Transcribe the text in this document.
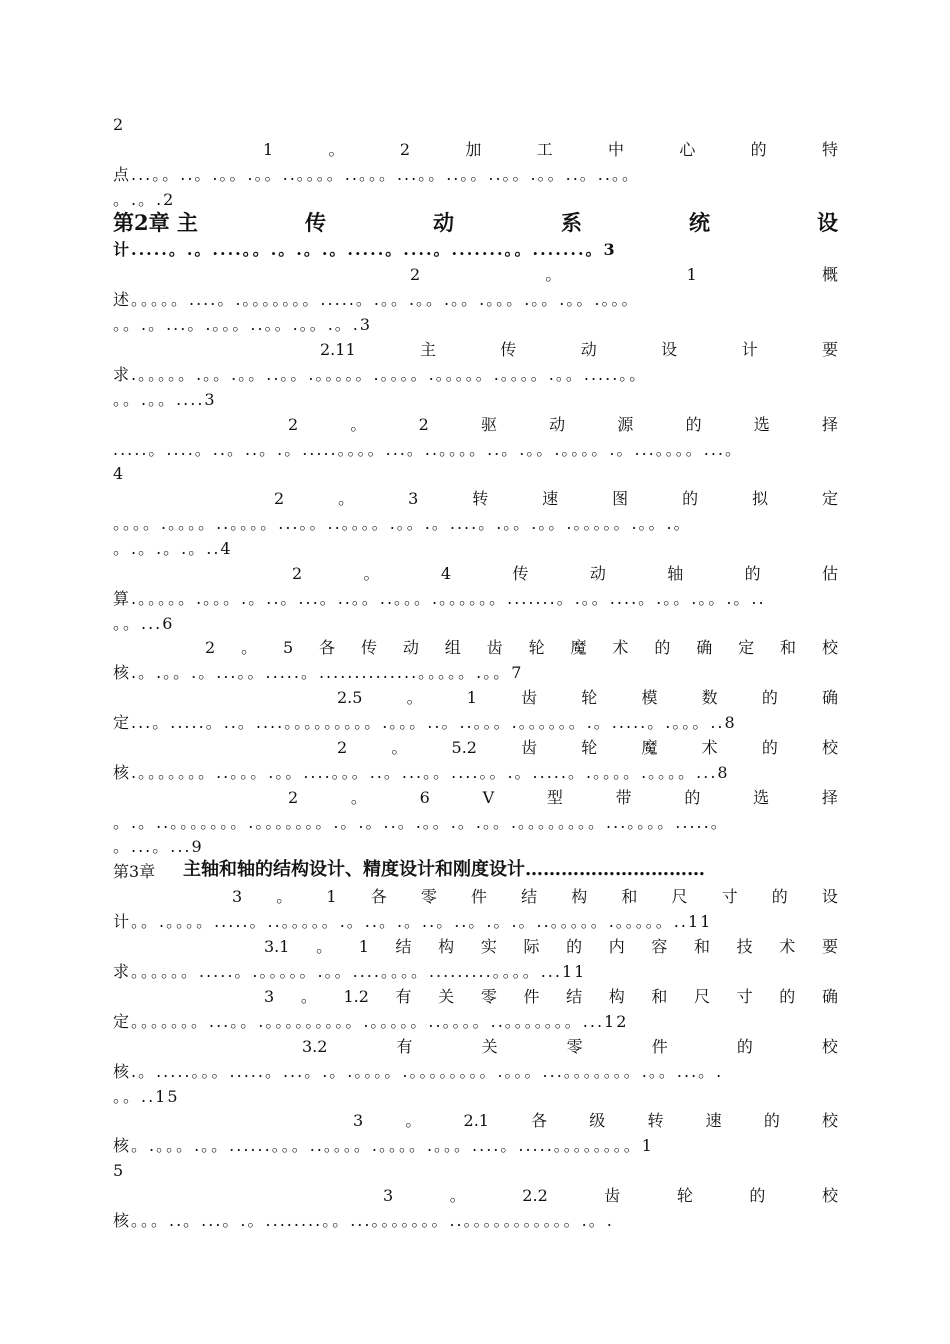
2
1	。	2	加	工	中	心	的	特
点...。。..。.。。.。。..。。。。..。。。...。。..。。..。。.。。..。..。。
。.。.2
第2章 主	传	动	系	统	设
计.....。.。....。。.。.。.。.....。....。.......。。.......。3
2	。	1	概
述。。。。。....。.。。。。。。。.....。.。。.。。.。。.。。。.。。.。。.。。。
。。.。...。.。。。..。。.。。.。.3
2.11	主	传	动	设	计	要
求.。。。。。.。。.。。..。。.。。。。。.。。。。.。。。。。.。。。。.。。.....。。
。。.。。....3
2	。	2	驱	动	源	的	选	择
.....。....。..。..。.。.....。。。。...。..。。。。..。.。。.。。。。.。...。。。。...。
4
2	。	3	转	速	图	的	拟	定
。。。。.。。。。..。。。。...。。..。。。。.。。.。....。.。。.。。.。。。。。.。。.。
。.。.。.。..4
2	。	4	传	动	轴	的	估
算.。。。。。.。。。.。..。...。..。。..。。。.。。。。。。.......。.。。....。.。。.。。.。..
。。...6
2 。 5 各 传 动 组 齿 轮 魔 术 的 确 定 和 校
核.。.。。.。...。。.....。..............。。。。。.。。7
2.5	。	1	齿	轮	模	数	的	确
定...。.....。..。....。。。。。。。。。.。。。..。..。。。.。。。。。。.。.....。.。。。..8
2	。	5.2	齿	轮	魔	术	的	校
核.。。。。。。。..。。。.。。....。。。..。...。。....。。.。.....。.。。。。.。。。。...8
2	。	6	V	型	带	的	选	择
。.。..。。。。。。。.。。。。。。。.。.。..。.。。.。.。。.。。。。。。。。...。。。。.....。
。...。...9
第3章 主轴和轴的结构设计、精度设计和刚度设计…………………………
3 。 1 各 零 件 结 构 和 尺 寸 的 设
计。。.。。。。.....。..。。。。。.。..。.。..。..。.。.。..。。。。。.。。。。。..11
3.1 。 1 结 构 实 际 的 内 容 和 技 术 要
求。。。。。。.....。.。。。。。.。。....。。。。.........。。。。...11
3 。 1.2 有 关 零 件 结 构 和 尺 寸 的 确
定。。。。。。。...。。.。。。。。。。。。.。。。。。..。。。。..。。。。。。。...12
3.2	有	关	零	件	的	校
核.。.....。。。.....。...。.。.。。。。.。。。。。。。。.。。。...。。。。。。。.。。...。.
。。..15
3	。	2.1	各	级	转	速	的	校
核。.。。。.。。......。。。..。。。。.。。。。.。。。....。.....。。。。。。。。1
5
3	。	2.2	齿	轮	的	校
核。。。..。...。.。........。。...。。。。。。。..。。。。。。。。。。。.。.
